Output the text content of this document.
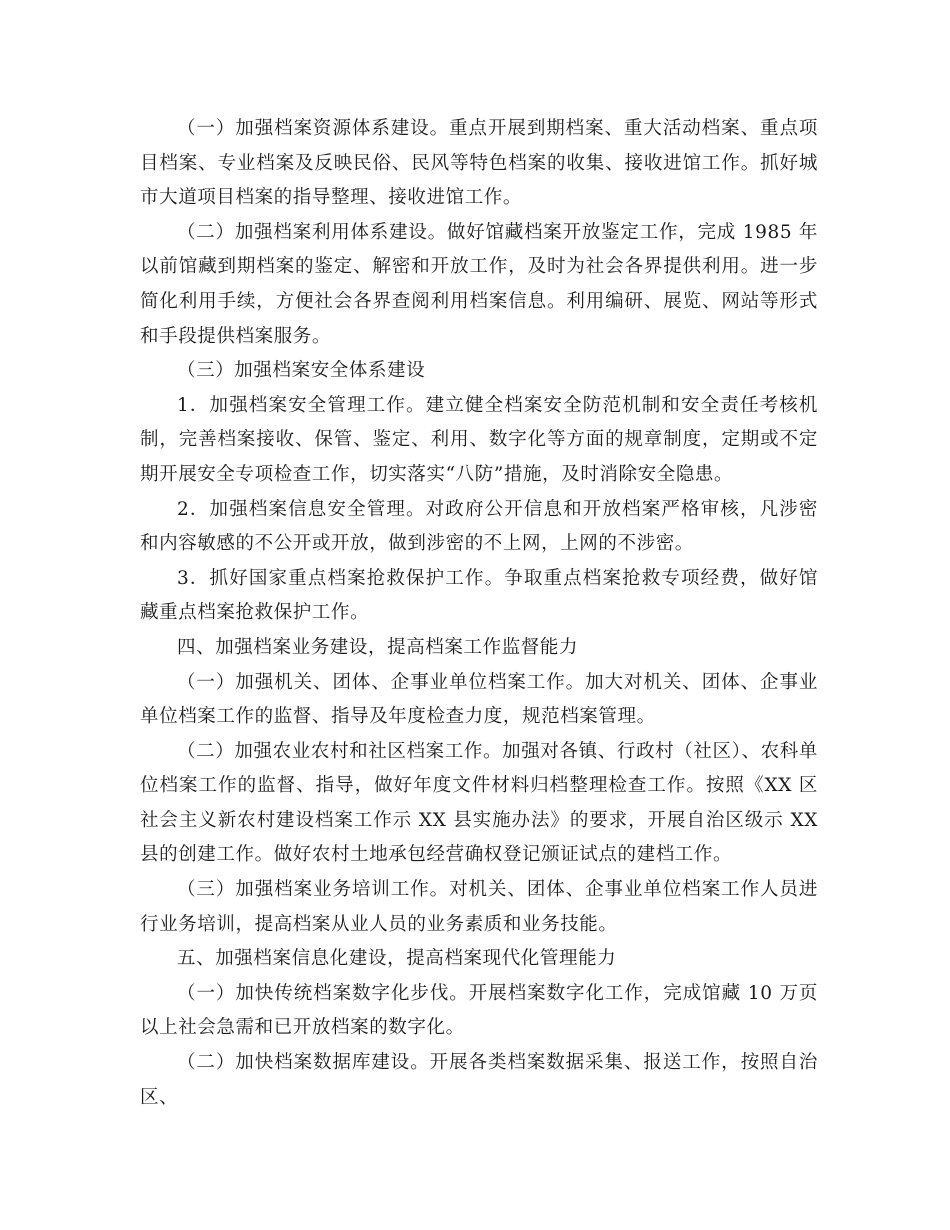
（一）加强档案资源体系建设。重点开展到期档案、重大活动档案、重点项目档案、专业档案及反映民俗、民风等特色档案的收集、接收进馆工作。抓好城市大道项目档案的指导整理、接收进馆工作。

（二）加强档案利用体系建设。做好馆藏档案开放鉴定工作，完成 1985 年以前馆藏到期档案的鉴定、解密和开放工作，及时为社会各界提供利用。进一步简化利用手续，方便社会各界查阅利用档案信息。利用编研、展览、网站等形式和手段提供档案服务。

（三）加强档案安全体系建设

1．加强档案安全管理工作。建立健全档案安全防范机制和安全责任考核机制，完善档案接收、保管、鉴定、利用、数字化等方面的规章制度，定期或不定期开展安全专项检查工作，切实落实“八防”措施，及时消除安全隐患。

2．加强档案信息安全管理。对政府公开信息和开放档案严格审核，凡涉密和内容敏感的不公开或开放，做到涉密的不上网，上网的不涉密。

3．抓好国家重点档案抢救保护工作。争取重点档案抢救专项经费，做好馆藏重点档案抢救保护工作。

四、加强档案业务建设，提高档案工作监督能力

（一）加强机关、团体、企事业单位档案工作。加大对机关、团体、企事业单位档案工作的监督、指导及年度检查力度，规范档案管理。

（二）加强农业农村和社区档案工作。加强对各镇、行政村（社区）、农科单位档案工作的监督、指导，做好年度文件材料归档整理检查工作。按照《XX 区社会主义新农村建设档案工作示 XX 县实施办法》的要求，开展自治区级示 XX 县的创建工作。做好农村土地承包经营确权登记颁证试点的建档工作。

（三）加强档案业务培训工作。对机关、团体、企事业单位档案工作人员进行业务培训，提高档案从业人员的业务素质和业务技能。

五、加强档案信息化建设，提高档案现代化管理能力

（一）加快传统档案数字化步伐。开展档案数字化工作，完成馆藏 10 万页以上社会急需和已开放档案的数字化。

（二）加快档案数据库建设。开展各类档案数据采集、报送工作，按照自治区、
